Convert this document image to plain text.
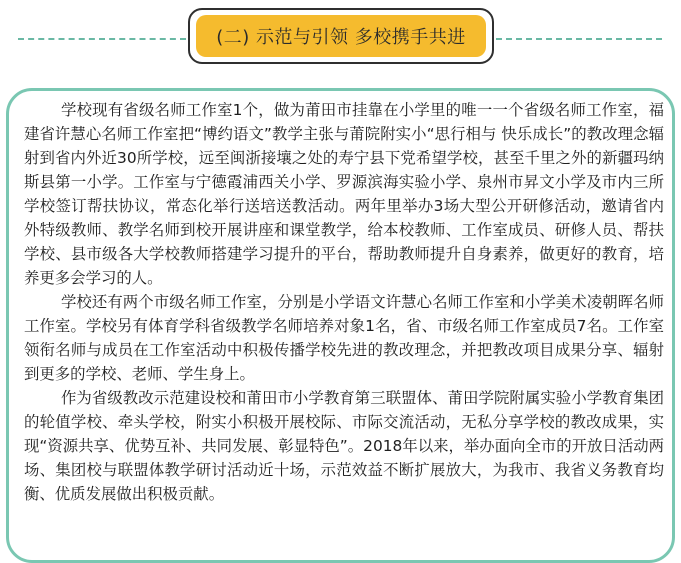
(二) 示范与引领 多校携手共进

学校现有省级名师工作室1个，做为莆田市挂靠在小学里的唯一一个省级名师工作室，福建省许慧心名师工作室把“博约语文”教学主张与莆院附实小“思行相与 快乐成长”的教改理念辐射到省内外近30所学校，远至闽浙接壤之处的寿宁县下党希望学校，甚至千里之外的新疆玛纳斯县第一小学。工作室与宁德霞浦西关小学、罗源滨海实验小学、泉州市昇文小学及市内三所学校签订帮扶协议，常态化举行送培送教活动。两年里举办3场大型公开研修活动，邀请省内外特级教师、教学名师到校开展讲座和课堂教学，给本校教师、工作室成员、研修人员、帮扶学校、县市级各大学校教师搭建学习提升的平台，帮助教师提升自身素养，做更好的教育，培养更多会学习的人。

学校还有两个市级名师工作室，分别是小学语文许慧心名师工作室和小学美术凌朝晖名师工作室。学校另有体育学科省级教学名师培养对象1名，省、市级名师工作室成员7名。工作室领衔名师与成员在工作室活动中积极传播学校先进的教改理念，并把教改项目成果分享、辐射到更多的学校、老师、学生身上。

作为省级教改示范建设校和莆田市小学教育第三联盟体、莆田学院附属实验小学教育集团的轮值学校、牵头学校，附实小积极开展校际、市际交流活动，无私分享学校的教改成果，实现“资源共享、优势互补、共同发展、彰显特色”。2018年以来，举办面向全市的开放日活动两场、集团校与联盟体教学研讨活动近十场，示范效益不断扩展放大，为我市、我省义务教育均衡、优质发展做出积极贡献。
